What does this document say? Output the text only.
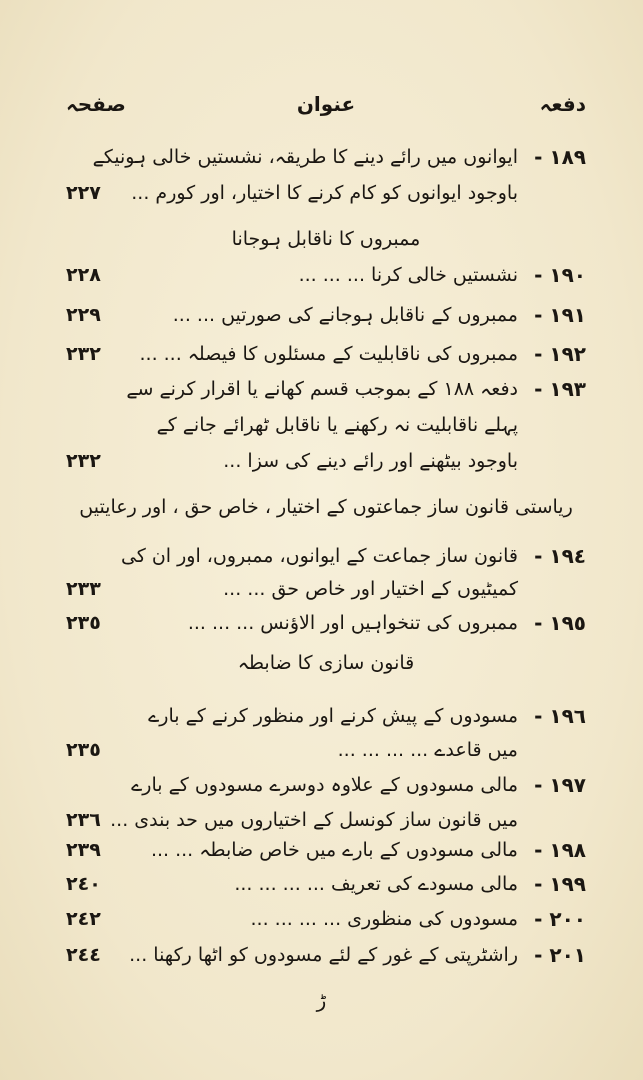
دفعہ
عنوان
صفحہ
١٨٩ -
ایوانوں میں رائے دینے کا طریقہ، نشستیں خالی ہونیکے
باوجود ایوانوں کو کام کرنے کا اختیار، اور کورم ...
٢٢٧
ممبروں کا ناقابل ہوجانا
١٩٠ -
نشستیں خالی کرنا ... ... ...
٢٢٨
١٩١ -
ممبروں کے ناقابل ہوجانے کی صورتیں ... ...
٢٢٩
١٩٢ -
ممبروں کی ناقابلیت کے مسئلوں کا فیصلہ ... ...
٢٣٢
١٩٣ -
دفعہ ١٨٨ کے بموجب قسم کھانے یا اقرار کرنے سے
پہلے ناقابلیت نہ رکھنے یا ناقابل ٹھرائے جانے کے
باوجود بیٹھنے اور رائے دینے کی سزا ...
٢٣٢
ریاستی قانون ساز جماعتوں کے اختیار ، خاص حق ، اور رعایتیں
١٩٤ -
قانون ساز جماعت کے ایوانوں، ممبروں، اور ان کی
کمیٹیوں کے اختیار اور خاص حق ... ...
٢٣٣
١٩٥ -
ممبروں کی تنخواہیں اور الاؤنس ... ... ...
٢٣٥
قانون سازی کا ضابطہ
١٩٦ -
مسودوں کے پیش کرنے اور منظور کرنے کے بارے
میں قاعدے ... ... ... ...
٢٣٥
١٩٧ -
مالی مسودوں کے علاوہ دوسرے مسودوں کے بارے
میں قانون ساز کونسل کے اختیاروں میں حد بندی ...
٢٣٦
١٩٨ -
مالی مسودوں کے بارے میں خاص ضابطہ ... ...
٢٣٩
١٩٩ -
مالی مسودے کی تعریف ... ... ... ...
٢٤٠
٢٠٠ -
مسودوں کی منظوری ... ... ... ...
٢٤٢
٢٠١ -
راشٹرپتی کے غور کے لئے مسودوں کو اٹھا رکھنا ...
٢٤٤
ڑ
